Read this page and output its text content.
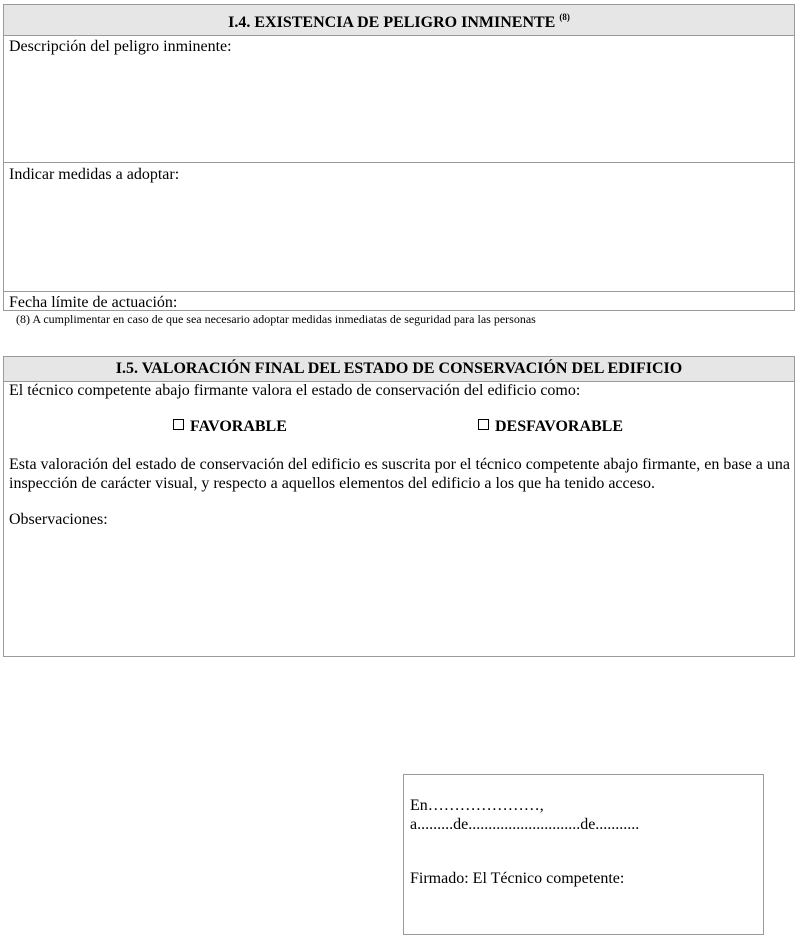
I.4. EXISTENCIA DE PELIGRO INMINENTE $^{(8)}$
Descripción del peligro inminente:
Indicar medidas a adoptar:
Fecha límite de actuación:
(8) A cumplimentar en caso de que sea necesario adoptar medidas inmediatas de seguridad para las personas
I.5. VALORACIÓN FINAL DEL ESTADO DE CONSERVACIÓN DEL EDIFICIO
El técnico competente abajo firmante valora el estado de conservación del edificio como:
FAVORABLE	DESFAVORABLE
Esta valoración del estado de conservación del edificio es suscrita por el técnico competente abajo firmante, en base a una inspección de carácter visual, y respecto a aquellos elementos del edificio a los que ha tenido acceso.
Observaciones:
En…………………,
a.........de............................de...........
Firmado: El Técnico competente:
